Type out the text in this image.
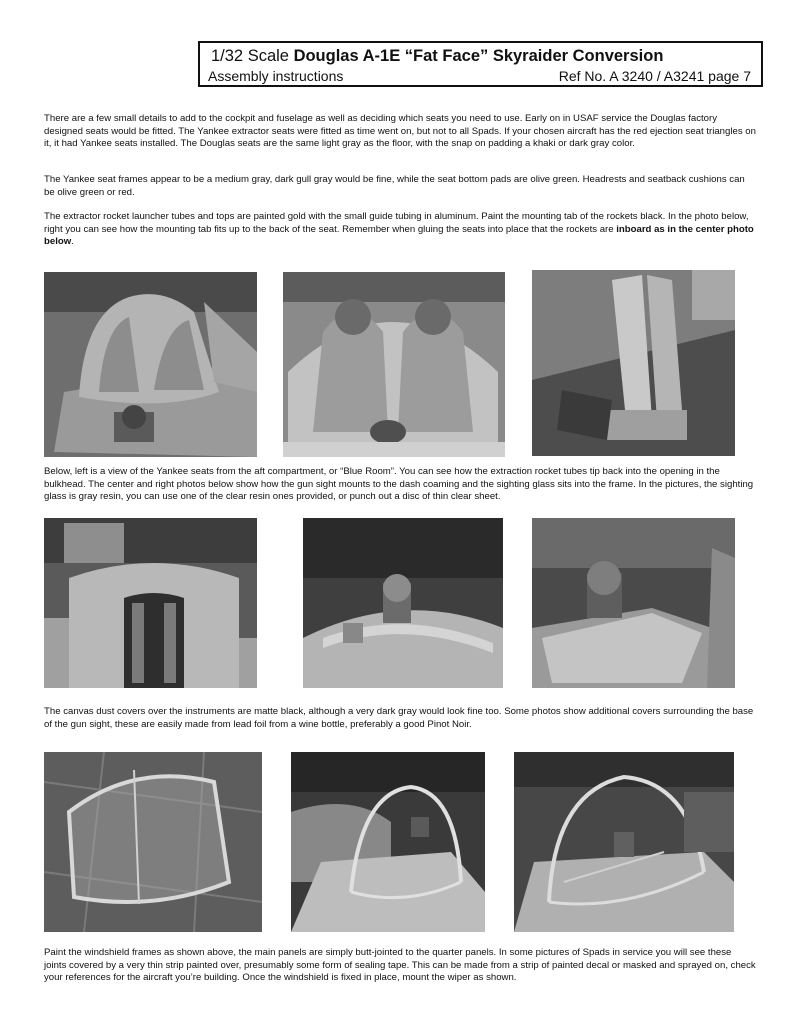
1/32 Scale Douglas A-1E “Fat Face” Skyraider Conversion
Assembly instructions	Ref No. A 3240 / A3241 page 7

There are a few small details to add to the cockpit and fuselage as well as deciding which seats you need to use. Early on in USAF service the Douglas factory designed seats would be fitted. The Yankee extractor seats were fitted as time went on, but not to all Spads. If your chosen aircraft has the red ejection seat triangles on it, it had Yankee seats installed. The Douglas seats are the same light gray as the floor, with the snap on padding a khaki or dark gray color.

The Yankee seat frames appear to be a medium gray, dark gull gray would be fine, while the seat bottom pads are olive green. Headrests and seatback cushions can be olive green or red.

The extractor rocket launcher tubes and tops are painted gold with the small guide tubing in aluminum. Paint the mounting tab of the rockets black. In the photo below, right you can see how the mounting tab fits up to the back of the seat. Remember when gluing the seats into place that the rockets are inboard as in the center photo below.

Below, left is a view of the Yankee seats from the aft compartment, or “Blue Room”. You can see how the extraction rocket tubes tip back into the opening in the bulkhead. The center and right photos below show how the gun sight mounts to the dash coaming and the sighting glass sits into the frame. In the pictures, the sighting glass is gray resin, you can use one of the clear resin ones provided, or punch out a disc of thin clear sheet.

The canvas dust covers over the instruments are matte black, although a very dark gray would look fine too. Some photos show additional covers surrounding the base of the gun sight, these are easily made from lead foil from a wine bottle, preferably a good Pinot Noir.

Paint the windshield frames as shown above, the main panels are simply butt-jointed to the quarter panels. In some pictures of Spads in service you will see these joints covered by a very thin strip painted over, presumably some form of sealing tape. This can be made from a strip of painted decal or masked and sprayed on, check your references for the aircraft you’re building. Once the windshield is fixed in place, mount the wiper as shown.
